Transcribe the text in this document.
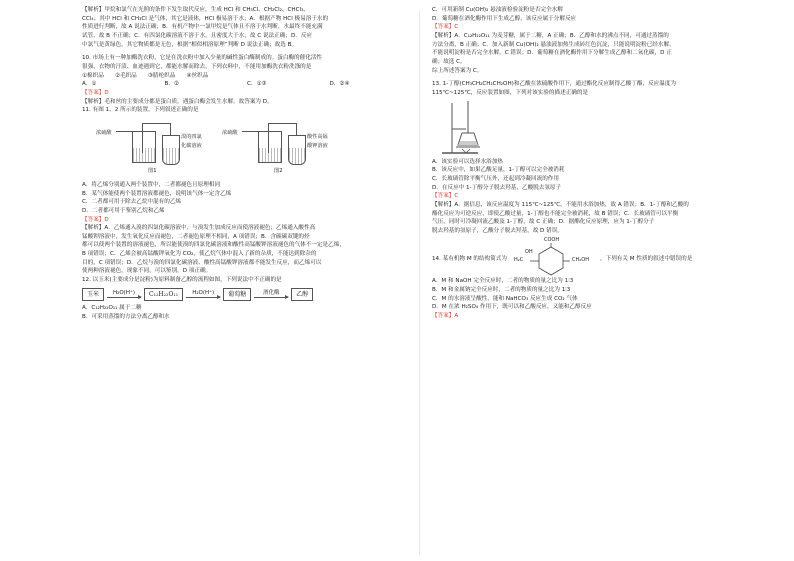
【解析】甲烷和氯气在光照的条件下发生取代反应，生成 HCl 和 CH₃Cl、CH₂Cl₂、CHCl₃、
CCl₄；其中 HCl 和 CH₃Cl 是气体，其它是液体，HCl 极易溶于水；A．根据产物 HCl 极易溶于水的
性质进行判断，故 A 说法正确；B．有机产物中一氯甲烷是气体且不溶于水判断，水最终不能充满
试管，故 B 不正确；C．有四氯化碳溶液不溶于水，且密度大于水，故 C 说法正确；D．反应
中氯气是黄绿色，其它物质都是无色，根据“相似相溶原理”判断 D 说法正确；故选 B。
10. 市场上有一种加酶洗衣粉，它是在洗衣粉中加入少量的碱性蛋白酶制成的。蛋白酶的催化活性
很强，衣物的汗渍、血迹遇到它，都能水解而除去，下列衣料中，不能用加酶洗衣粉洗涤的是
①棉织品　　②毛织品　　③腈纶织品　　④丝织品
A．①	B．②	C．①③	D．②④
【答案】D
【解析】毛和丝的主要成分都是蛋白质，遇蛋白酶会发生水解。故答案为 D。
11. 有图 1、2 所示的装置，下列叙述正确的是
浓硫酸
溴的四氯
化碳溶液
图1
浓硫酸
酸性高锰
酸钾溶液
图2
A．将乙烯分别通入两个装置中，二者都褪色且原理相同
B．某气体能使两个装置溶液都褪色，说明该气体一定含乙烯
C．二者都可用于除去乙烷中混有的乙烯
D．二者都可用于鉴别乙烷和乙烯
【答案】D
【解析】A．乙烯通入溴的四氯化碳溶液中，与溴发生加成反应而使溶液褪色；乙烯通入酸性高
锰酸钾溶液中，发生氧化反应而褪色，二者褪色原理不相同，A 项错误；B．含碳碳双键的烃
都可以使两个装置的溶液褪色，所以能使溴的四氯化碳溶液和酸性高锰酸钾溶液褪色的气体不一定是乙烯，
B 项错误；C．乙烯会被高锰酸钾氧化为 CO₂，使乙烷气体中混入了新的杂质，不能达到除杂的
目的，C 项错误；D．乙烷与溴的四氯化碳溶液、酸性高锰酸钾溶液都不能发生反应，而乙烯可以
使两种溶液褪色，现象不同，可以鉴别，D 项正确。
12. 以玉米(主要成分是淀粉)为原料制备乙醇的流程如图，下列说法中不正确的是
玉米	H₂O(H⁺)	C₁₂H₂₂O₁₁	H₂O(H⁺)	葡萄糖	酒化酶	乙醇
A．C₁₂H₂₂O₁₁ 属于二糖
B．可采用蒸馏的方法分离乙醇和水
C．可用新制 Cu(OH)₂ 悬浊液检验淀粉是否完全水解
D．葡萄糖在酒化酶作用下生成乙醇，该反应属于分解反应
【答案】C
【解析】A．C₁₂H₂₂O₁₁ 为麦芽糖，属于二糖，A 正确；B．乙醇和水的沸点不同，可通过蒸馏的
方法分离，B 正确；C．加入新制 Cu(OH)₂ 悬浊液加热生成砖红色沉淀，只能说明淀粉已经水解，
不能说明淀粉是否完全水解，C 错误；D．葡萄糖在酒化酶作用下分解生成乙醇和二氧化碳，D 正
确；故选 C。
综上所述答案为 C。
13. 1-丁醇(CH₃CH₂CH₂CH₂OH)和乙酸在浓硫酸作用下，通过酯化反应制得乙酸丁酯，反应温度为
115℃~125℃，反应装置如图，下列对该实验的描述正确的是
A．该实验可以选择水浴加热
B．该反应中，如果乙酸足量，1-丁醇可以完全被消耗
C．长玻璃管除平衡气压外，还起到冷凝回流的作用
D．在反应中 1-丁醇分子脱去羟基，乙酸脱去氢原子
【答案】C
【解析】A．据信息，该反应温度为 115℃~125℃，不能用水浴加热，故 A 错误；B．1-丁醇和乙酸的
酯化反应为可逆反应，即使乙酸过量，1-丁醇也不能完全被消耗，故 B 错误；C．长玻璃管可以平衡
气压，同时可冷凝回流乙酸及 1-丁醇，故 C 正确；D．据酯化反应原理，应为 1-丁醇分子
脱去羟基的氢原子，乙酸分子脱去羟基，故 D 错误。
14. 某有机物 M 的结构简式为
COOH
H₂C
OH
CH₂OH ，下列有关 M 性质的叙述中错误的是
A．M 和 NaOH 完全反应时，二者的物质的量之比为 1∶3
B．M 和金属钠完全反应时，二者的物质的量之比为 1∶3
C．M 的水溶液呈酸性，能和 NaHCO₃ 反应生成 CO₂ 气体
D．M 在浓 H₂SO₄ 作用下，既可以和乙酸反应，又能和乙醇反应
【答案】A
